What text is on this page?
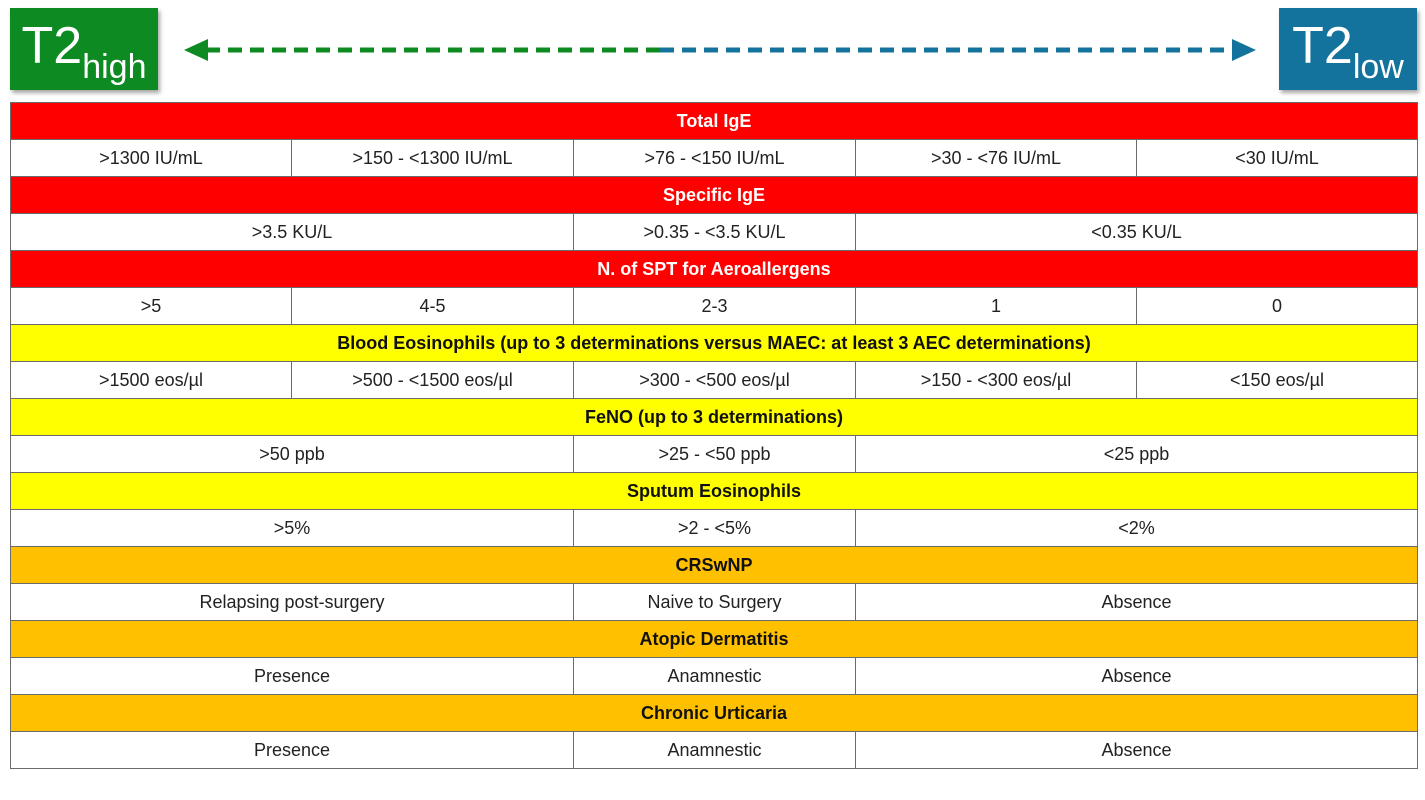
T2 high	T2 low
Total IgE
>1300 IU/mL	>150 - <1300 IU/mL	>76 - <150 IU/mL	>30 - <76 IU/mL	<30 IU/mL
Specific IgE
>3.5 KU/L	>0.35 - <3.5 KU/L	<0.35 KU/L
N. of SPT for Aeroallergens
>5	4-5	2-3	1	0
Blood Eosinophils (up to 3 determinations versus MAEC: at least 3 AEC determinations)
>1500 eos/µl	>500 - <1500 eos/µl	>300 - <500 eos/µl	>150 - <300 eos/µl	<150 eos/µl
FeNO (up to 3 determinations)
>50 ppb	>25 - <50 ppb	<25 ppb
Sputum Eosinophils
>5%	>2 - <5%	<2%
CRSwNP
Relapsing post-surgery	Naive to Surgery	Absence
Atopic Dermatitis
Presence	Anamnestic	Absence
Chronic Urticaria
Presence	Anamnestic	Absence
